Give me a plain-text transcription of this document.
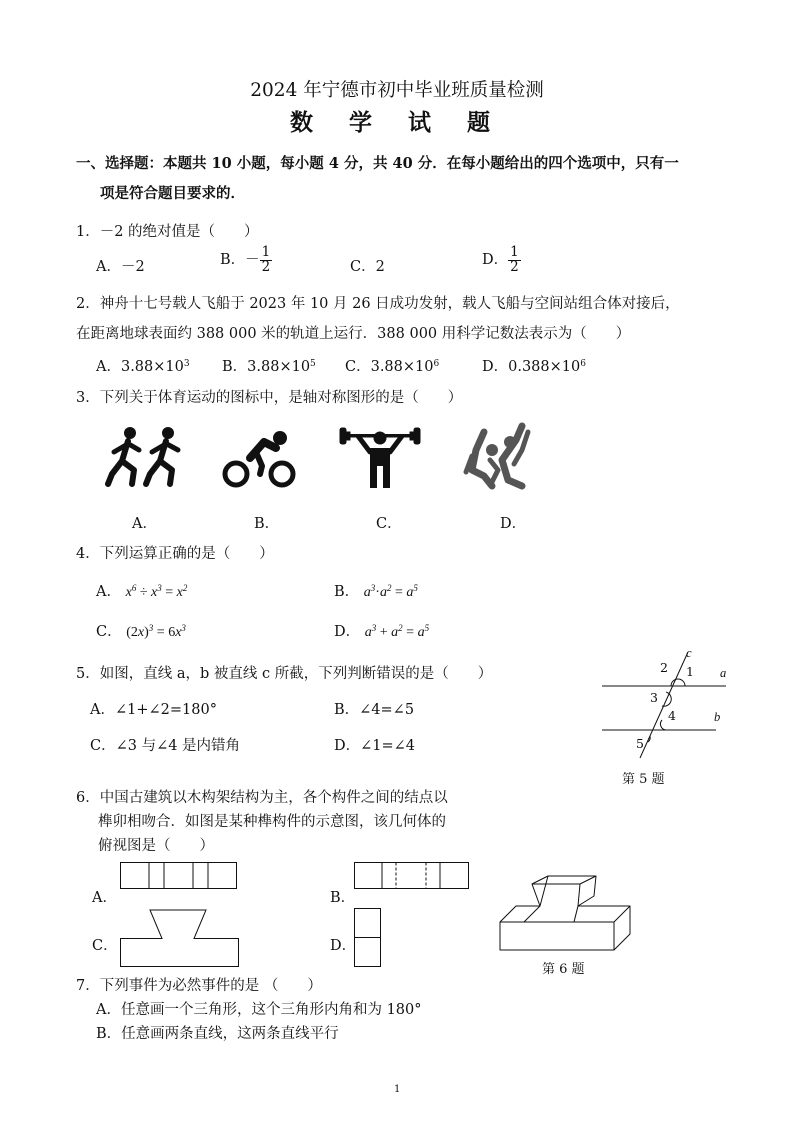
2024 年宁德市初中毕业班质量检测
数 学 试 题
一、选择题：本题共 10 小题，每小题 4 分，共 40 分．在每小题给出的四个选项中，只有一
项是符合题目要求的．
1．－2 的绝对值是（　　）
A．－2	B．－ $\frac{1}{2}$	C．2	D． $\frac{1}{2}$
2．神舟十七号载人飞船于 2023 年 10 月 26 日成功发射，载人飞船与空间站组合体对接后，
在距离地球表面约 388 000 米的轨道上运行．388 000 用科学记数法表示为（　　）
A．$3.88\times 10^3$ B．$3.88\times 10^5$ C．$3.88\times 10^6$	D．$0.388\times 10^6$
3．下列关于体育运动的图标中，是轴对称图形的是（　　）
A．	B．	C．	D．
4．下列运算正确的是（　　）
A． $x^6 \div x^3 = x^2$	B． $a^3\cdot a^2 = a^5$
C． $(2x)^3 = 6x^3$	D． $a^3 + a^2 = a^5$
5．如图，直线 a，b 被直线 c 所截，下列判断错误的是（　　）
A．∠1+∠2=180°	B．∠4=∠5
C．∠3 与∠4 是内错角	D．∠1=∠4
c
a
b
1
2
3
4
5
第 5 题
6．中国古建筑以木构架结构为主，各个构件之间的结点以
榫卯相吻合．如图是某种榫构件的示意图，该几何体的
俯视图是（　　）
A．	B．
C．	D．
第 6 题
7．下列事件为必然事件的是 （　　）
A．任意画一个三角形，这个三角形内角和为 180°
B．任意画两条直线，这两条直线平行
1
